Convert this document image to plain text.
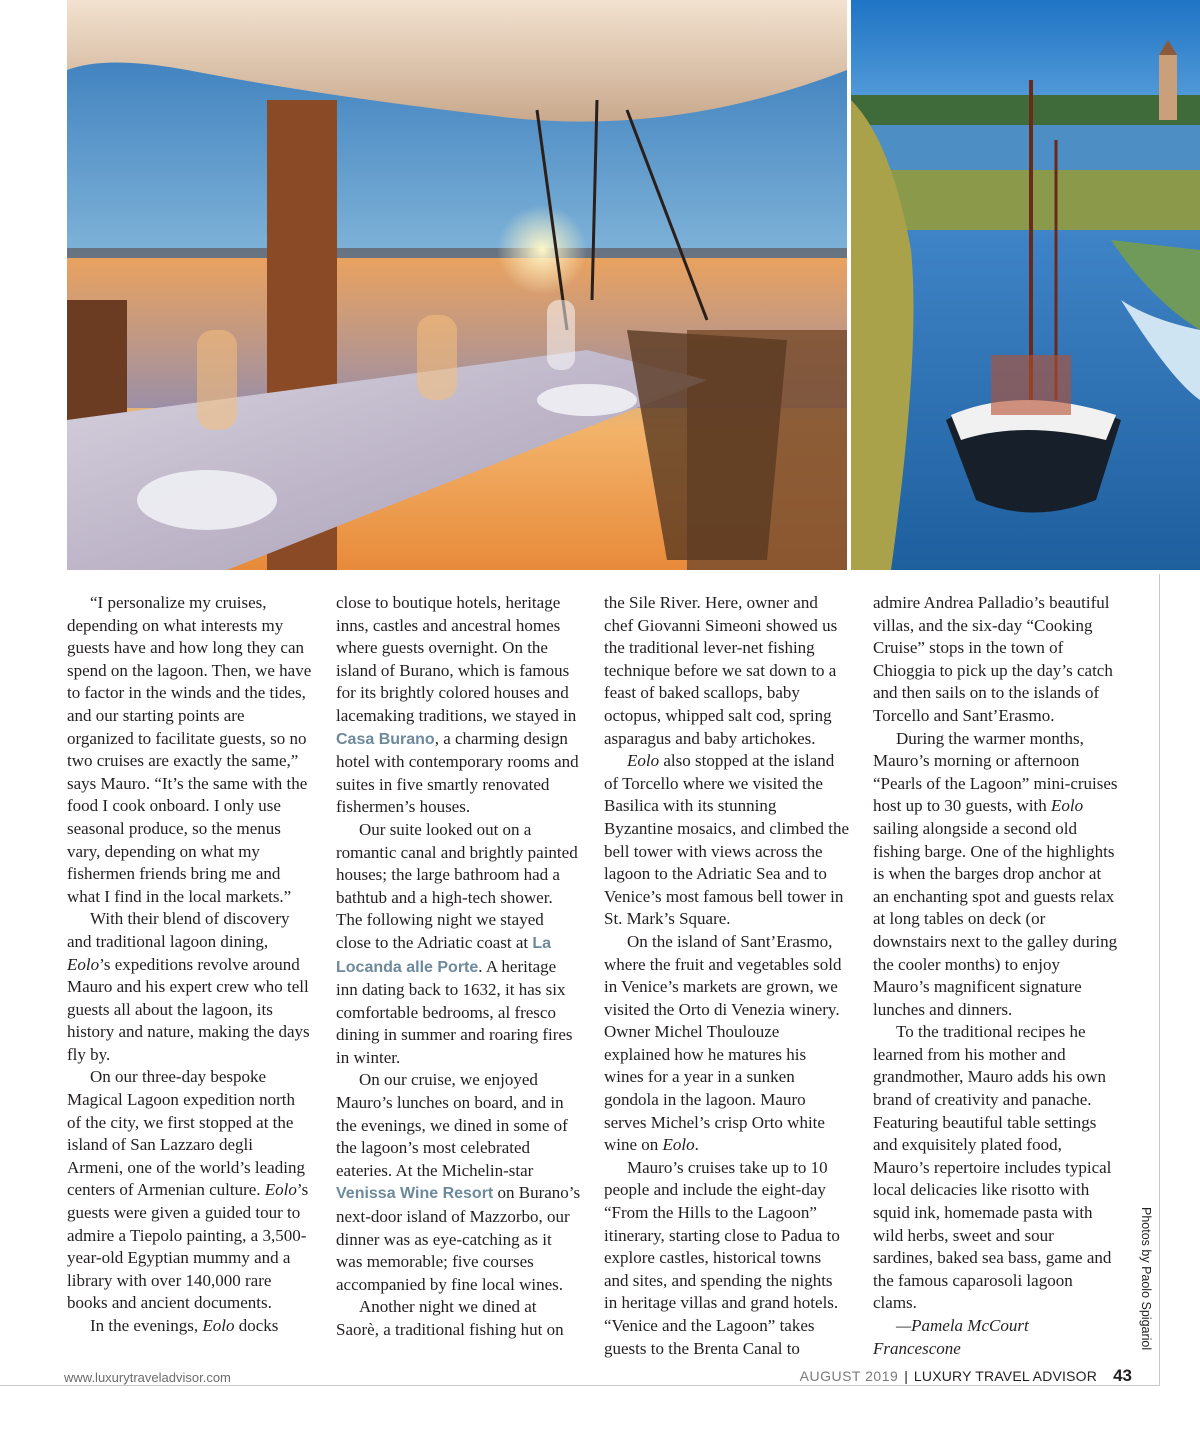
“I personalize my cruises, depending on what interests my guests have and how long they can spend on the lagoon. Then, we have to factor in the winds and the tides, and our starting points are organized to facilitate guests, so no two cruises are exactly the same,” says Mauro. “It’s the same with the food I cook onboard. I only use seasonal produce, so the menus vary, depending on what my fishermen friends bring me and what I find in the local markets.”

With their blend of discovery and traditional lagoon dining, Eolo’s expeditions revolve around Mauro and his expert crew who tell guests all about the lagoon, its history and nature, making the days fly by.

On our three-day bespoke Magical Lagoon expedition north of the city, we first stopped at the island of San Lazzaro degli Armeni, one of the world’s leading centers of Armenian culture. Eolo’s guests were given a guided tour to admire a Tiepolo painting, a 3,500-year-old Egyptian mummy and a library with over 140,000 rare books and ancient documents.

In the evenings, Eolo docks

close to boutique hotels, heritage inns, castles and ancestral homes where guests overnight. On the island of Burano, which is famous for its brightly colored houses and lacemaking traditions, we stayed in Casa Burano, a charming design hotel with contemporary rooms and suites in five smartly renovated fishermen’s houses.

Our suite looked out on a romantic canal and brightly painted houses; the large bathroom had a bathtub and a high-tech shower. The following night we stayed close to the Adriatic coast at La Locanda alle Porte. A heritage inn dating back to 1632, it has six comfortable bedrooms, al fresco dining in summer and roaring fires in winter.

On our cruise, we enjoyed Mauro’s lunches on board, and in the evenings, we dined in some of the lagoon’s most celebrated eateries. At the Michelin-star Venissa Wine Resort on Burano’s next-door island of Mazzorbo, our dinner was as eye-catching as it was memorable; five courses accompanied by fine local wines.

Another night we dined at Saorè, a traditional fishing hut on

the Sile River. Here, owner and chef Giovanni Simeoni showed us the traditional lever-net fishing technique before we sat down to a feast of baked scallops, baby octopus, whipped salt cod, spring asparagus and baby artichokes.

Eolo also stopped at the island of Torcello where we visited the Basilica with its stunning Byzantine mosaics, and climbed the bell tower with views across the lagoon to the Adriatic Sea and to Venice’s most famous bell tower in St. Mark’s Square.

On the island of Sant’Erasmo, where the fruit and vegetables sold in Venice’s markets are grown, we visited the Orto di Venezia winery. Owner Michel Thoulouze explained how he matures his wines for a year in a sunken gondola in the lagoon. Mauro serves Michel’s crisp Orto white wine on Eolo.

Mauro’s cruises take up to 10 people and include the eight-day “From the Hills to the Lagoon” itinerary, starting close to Padua to explore castles, historical towns and sites, and spending the nights in heritage villas and grand hotels. “Venice and the Lagoon” takes guests to the Brenta Canal to

admire Andrea Palladio’s beautiful villas, and the six-day “Cooking Cruise” stops in the town of Chioggia to pick up the day’s catch and then sails on to the islands of Torcello and Sant’Erasmo.

During the warmer months, Mauro’s morning or afternoon “Pearls of the Lagoon” mini-cruises host up to 30 guests, with Eolo sailing alongside a second old fishing barge. One of the highlights is when the barges drop anchor at an enchanting spot and guests relax at long tables on deck (or downstairs next to the galley during the cooler months) to enjoy Mauro’s magnificent signature lunches and dinners.

To the traditional recipes he learned from his mother and grandmother, Mauro adds his own brand of creativity and panache. Featuring beautiful table settings and exquisitely plated food, Mauro’s repertoire includes typical local delicacies like risotto with squid ink, homemade pasta with wild herbs, sweet and sour sardines, baked sea bass, game and the famous caparosoli lagoon clams.

—Pamela McCourt Francescone	Photos by Paolo Spigariol
www.luxurytraveladvisor.com	AUGUST 2019 | LUXURY TRAVEL ADVISOR 43
